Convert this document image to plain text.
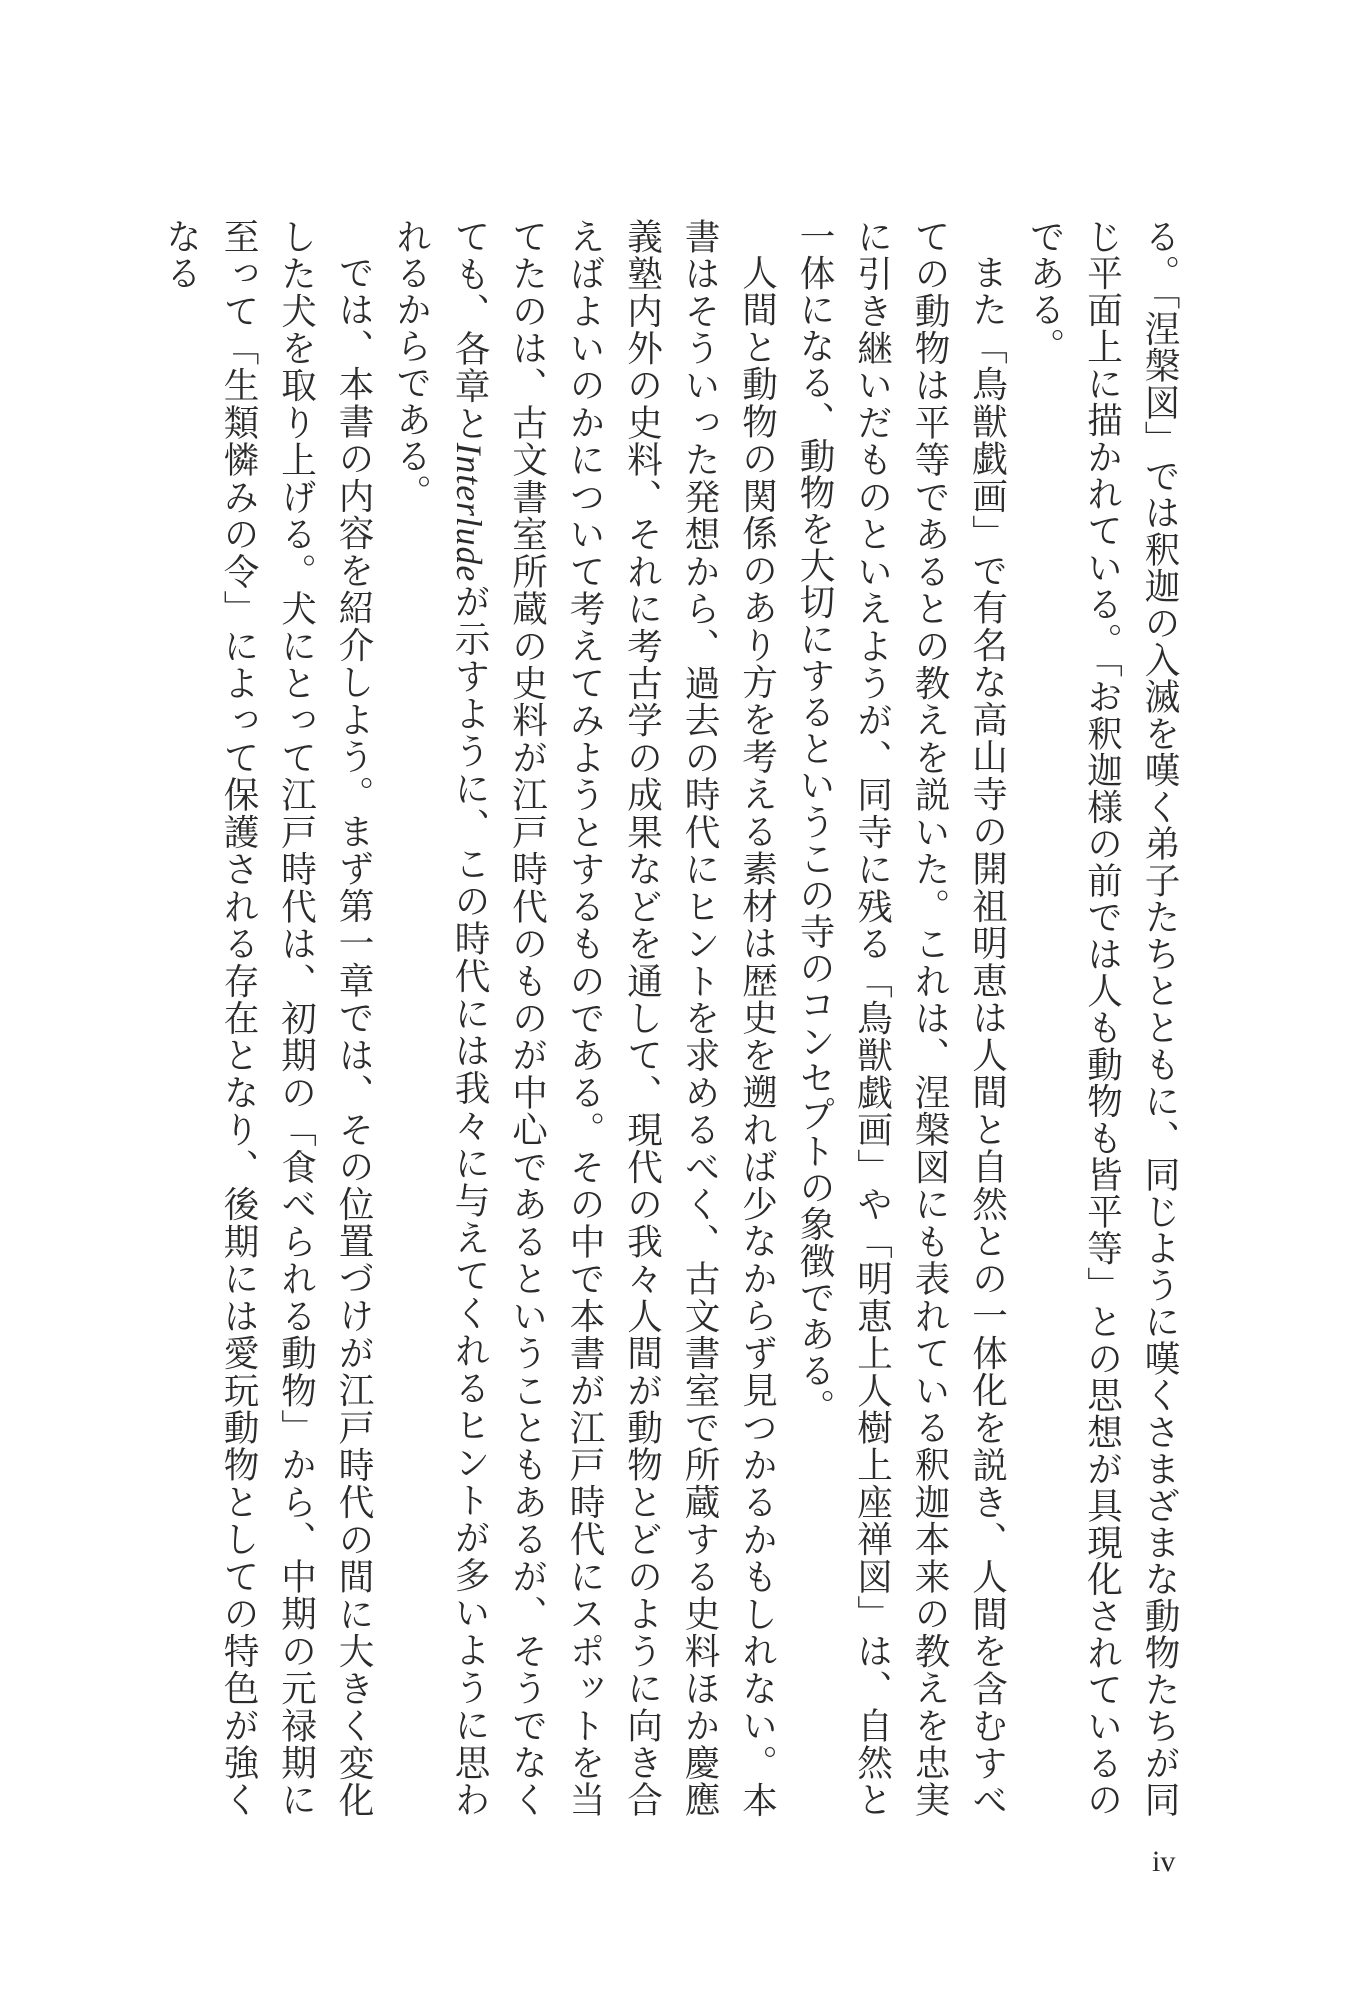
る。「涅槃図」では釈迦の入滅を嘆く弟子たちとともに、同じように嘆くさまざまな動物たちが同じ平面上に描かれている。「お釈迦様の前では人も動物も皆平等」との思想が具現化されているのである。

また「鳥獣戯画」で有名な高山寺の開祖明恵は人間と自然との一体化を説き、人間を含むすべての動物は平等であるとの教えを説いた。これは、涅槃図にも表れている釈迦本来の教えを忠実に引き継いだものといえようが、同寺に残る「鳥獣戯画」や「明恵上人樹上座禅図」は、自然と一体になる、動物を大切にするというこの寺のコンセプトの象徴である。

人間と動物の関係のあり方を考える素材は歴史を遡れば少なからず見つかるかもしれない。本書はそういった発想から、過去の時代にヒントを求めるべく、古文書室で所蔵する史料ほか慶應義塾内外の史料、それに考古学の成果などを通して、現代の我々人間が動物とどのように向き合えばよいのかについて考えてみようとするものである。その中で本書が江戸時代にスポットを当てたのは、古文書室所蔵の史料が江戸時代のものが中心であるということもあるが、そうでなくても、各章とInterludeが示すように、この時代には我々に与えてくれるヒントが多いように思われるからである。

では、本書の内容を紹介しよう。まず第一章では、その位置づけが江戸時代の間に大きく変化した犬を取り上げる。犬にとって江戸時代は、初期の「食べられる動物」から、中期の元禄期に至って「生類憐みの令」によって保護される存在となり、後期には愛玩動物としての特色が強くなる

iv
